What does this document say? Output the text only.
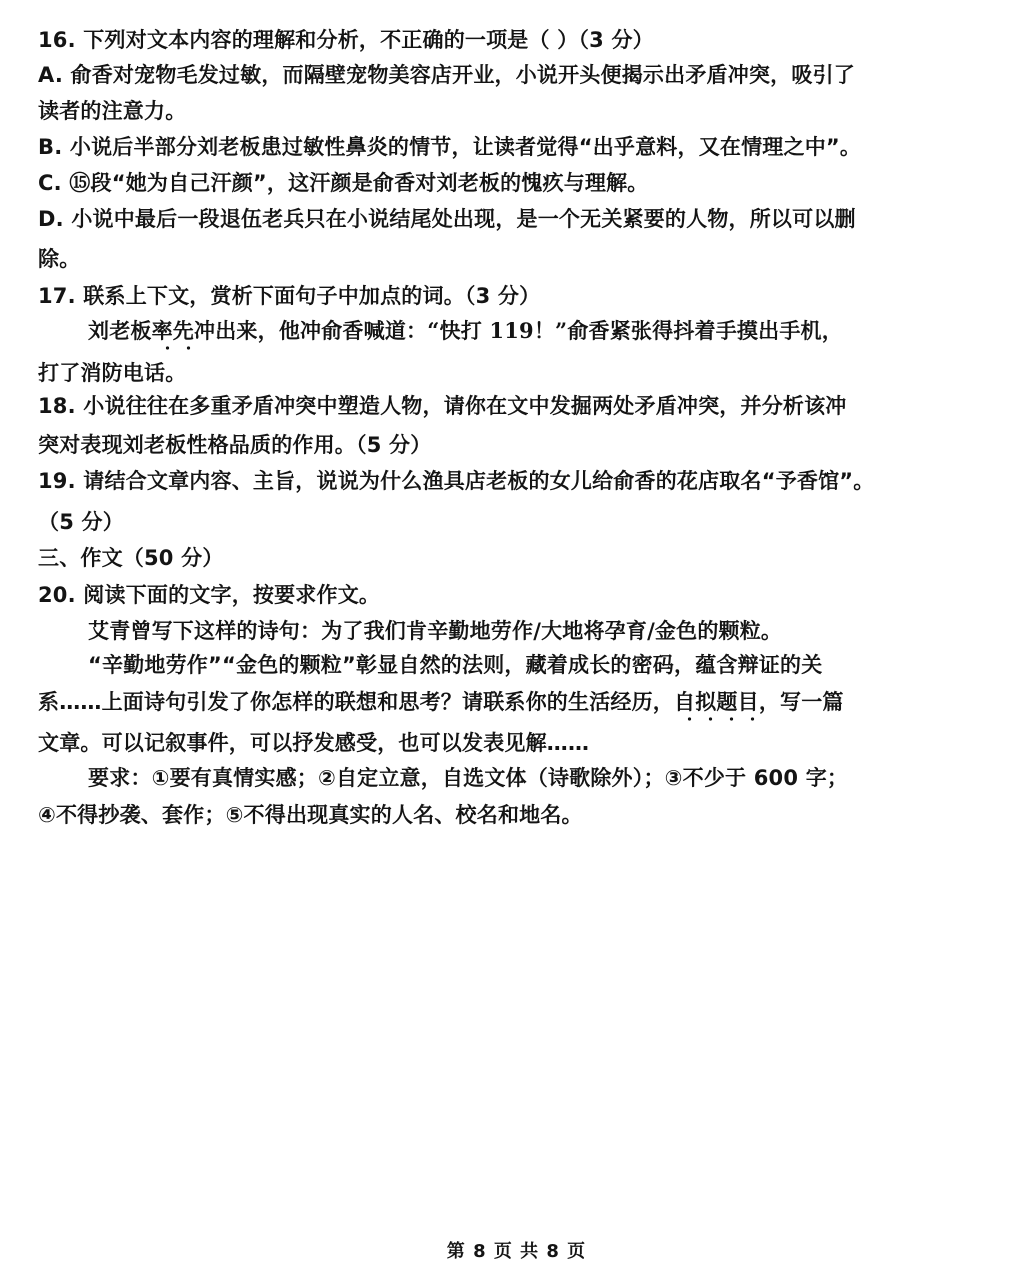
16. 下列对文本内容的理解和分析，不正确的一项是（ ）（3 分）
A. 俞香对宠物毛发过敏，而隔壁宠物美容店开业，小说开头便揭示出矛盾冲突，吸引了
读者的注意力。
B. 小说后半部分刘老板患过敏性鼻炎的情节，让读者觉得“出乎意料，又在情理之中”。
C. ⑮段“她为自己汗颜”，这汗颜是俞香对刘老板的愧疚与理解。
D. 小说中最后一段退伍老兵只在小说结尾处出现，是一个无关紧要的人物，所以可以删
除。
17. 联系上下文，赏析下面句子中加点的词。（3 分）
刘老板率先冲出来，他冲俞香喊道：“快打 119！”俞香紧张得抖着手摸出手机，
打了消防电话。
18. 小说往往在多重矛盾冲突中塑造人物，请你在文中发掘两处矛盾冲突，并分析该冲
突对表现刘老板性格品质的作用。（5 分）
19. 请结合文章内容、主旨，说说为什么渔具店老板的女儿给俞香的花店取名“予香馆”。
（5 分）
三、作文（50 分）
20. 阅读下面的文字，按要求作文。
艾青曾写下这样的诗句：为了我们肯辛勤地劳作/大地将孕育/金色的颗粒。
“辛勤地劳作”“金色的颗粒”彰显自然的法则，藏着成长的密码，蕴含辩证的关
系……上面诗句引发了你怎样的联想和思考？请联系你的生活经历，自拟题目，写一篇
文章。可以记叙事件，可以抒发感受，也可以发表见解……
要求：①要有真情实感；②自定立意，自选文体（诗歌除外）；③不少于 600 字；
④不得抄袭、套作；⑤不得出现真实的人名、校名和地名。
第 8 页 共 8 页
